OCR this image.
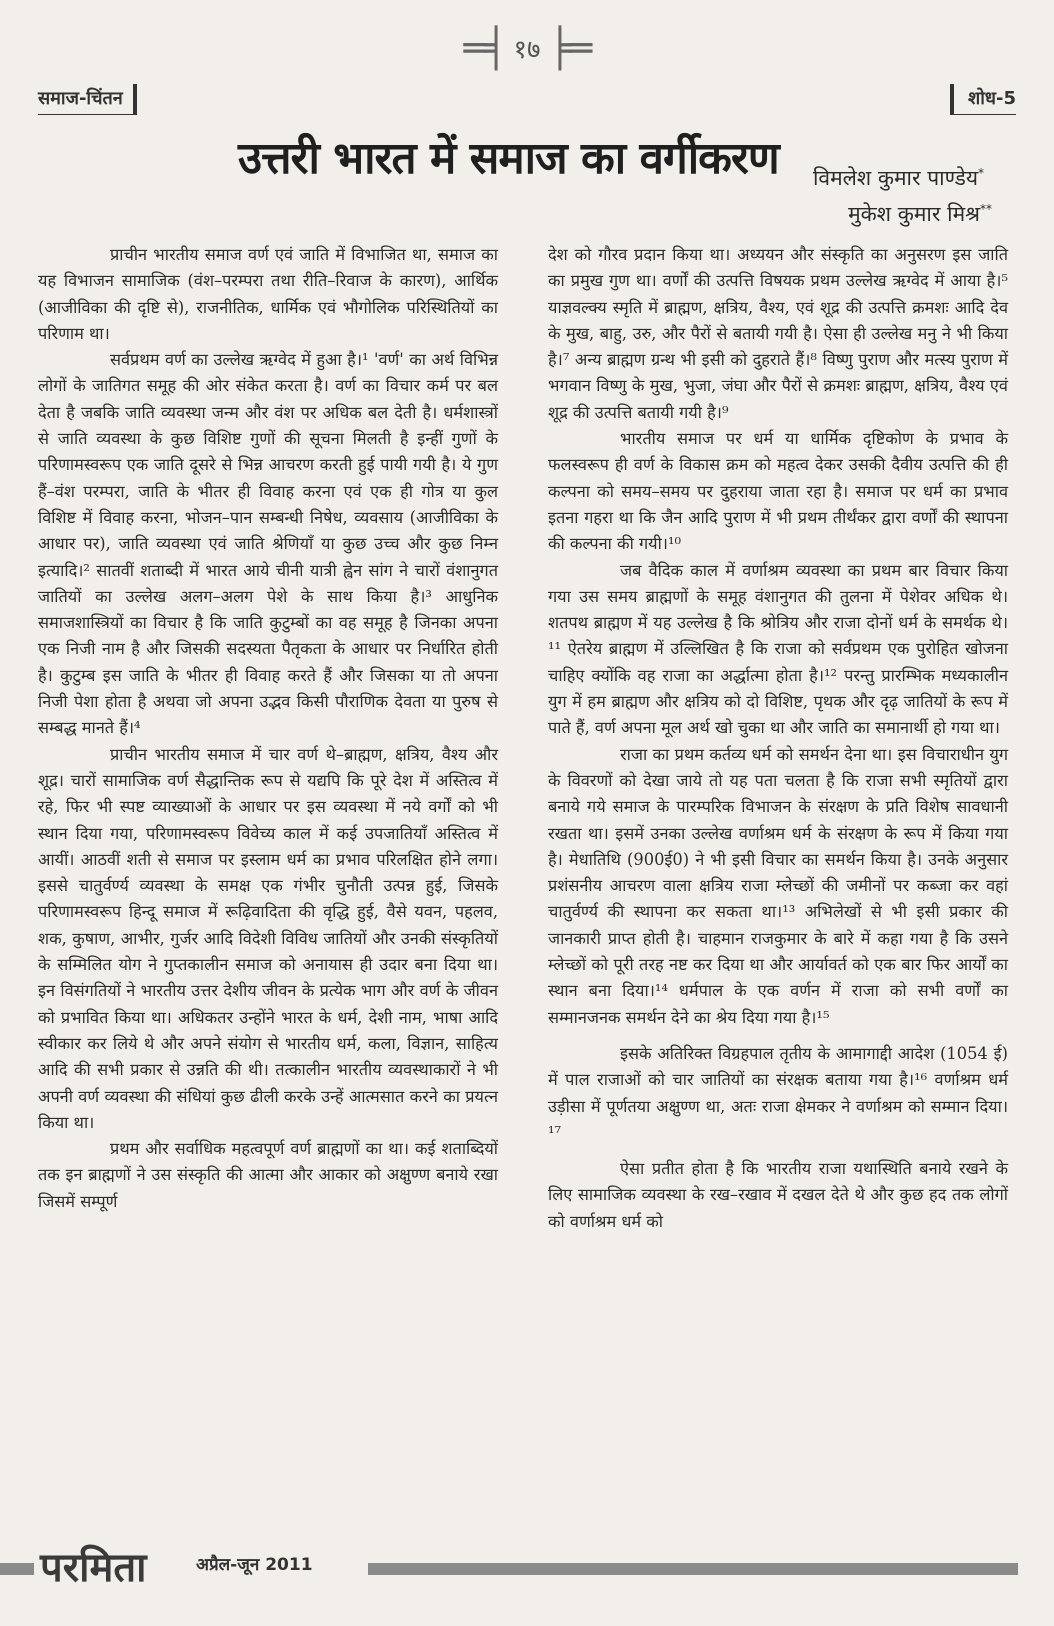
═╡ १७ ╞═
समाज-चिंतन	शोध-5
उत्तरी भारत में समाज का वर्गीकरण विमलेश कुमार पाण्डेय*
मुकेश कुमार मिश्र**

प्राचीन भारतीय समाज वर्ण एवं जाति में विभाजित था, समाज का यह विभाजन सामाजिक (वंश–परम्परा तथा रीति–रिवाज के कारण), आर्थिक (आजीविका की दृष्टि से), राजनीतिक, धार्मिक एवं भौगोलिक परिस्थितियों का परिणाम था।

सर्वप्रथम वर्ण का उल्लेख ऋग्वेद में हुआ है।¹ 'वर्ण' का अर्थ विभिन्न लोगों के जातिगत समूह की ओर संकेत करता है। वर्ण का विचार कर्म पर बल देता है जबकि जाति व्यवस्था जन्म और वंश पर अधिक बल देती है। धर्मशास्त्रों से जाति व्यवस्था के कुछ विशिष्ट गुणों की सूचना मिलती है इन्हीं गुणों के परिणामस्वरूप एक जाति दूसरे से भिन्न आचरण करती हुई पायी गयी है। ये गुण हैं–वंश परम्परा, जाति के भीतर ही विवाह करना एवं एक ही गोत्र या कुल विशिष्ट में विवाह करना, भोजन–पान सम्बन्धी निषेध, व्यवसाय (आजीविका के आधार पर), जाति व्यवस्था एवं जाति श्रेणियाँ या कुछ उच्च और कुछ निम्न इत्यादि।² सातवीं शताब्दी में भारत आये चीनी यात्री ह्वेन सांग ने चारों वंशानुगत जातियों का उल्लेख अलग–अलग पेशे के साथ किया है।³ आधुनिक समाजशास्त्रियों का विचार है कि जाति कुटुम्बों का वह समूह है जिनका अपना एक निजी नाम है और जिसकी सदस्यता पैतृकता के आधार पर निर्धारित होती है। कुटुम्ब इस जाति के भीतर ही विवाह करते हैं और जिसका या तो अपना निजी पेशा होता है अथवा जो अपना उद्भव किसी पौराणिक देवता या पुरुष से सम्बद्ध मानते हैं।⁴

प्राचीन भारतीय समाज में चार वर्ण थे–ब्राह्मण, क्षत्रिय, वैश्य और शूद्र। चारों सामाजिक वर्ण सैद्धान्तिक रूप से यद्यपि कि पूरे देश में अस्तित्व में रहे, फिर भी स्पष्ट व्याख्याओं के आधार पर इस व्यवस्था में नये वर्गों को भी स्थान दिया गया, परिणामस्वरूप विवेच्य काल में कई उपजातियाँ अस्तित्व में आयीं। आठवीं शती से समाज पर इस्लाम धर्म का प्रभाव परिलक्षित होने लगा। इससे चातुर्वर्ण्य व्यवस्था के समक्ष एक गंभीर चुनौती उत्पन्न हुई, जिसके परिणामस्वरूप हिन्दू समाज में रूढ़िवादिता की वृद्धि हुई, वैसे यवन, पहलव, शक, कुषाण, आभीर, गुर्जर आदि विदेशी विविध जातियों और उनकी संस्कृतियों के सम्मिलित योग ने गुप्तकालीन समाज को अनायास ही उदार बना दिया था। इन विसंगतियों ने भारतीय उत्तर देशीय जीवन के प्रत्येक भाग और वर्ण के जीवन को प्रभावित किया था। अधिकतर उन्होंने भारत के धर्म, देशी नाम, भाषा आदि स्वीकार कर लिये थे और अपने संयोग से भारतीय धर्म, कला, विज्ञान, साहित्य आदि की सभी प्रकार से उन्नति की थी। तत्कालीन भारतीय व्यवस्थाकारों ने भी अपनी वर्ण व्यवस्था की संधियां कुछ ढीली करके उन्हें आत्मसात करने का प्रयत्न किया था।

प्रथम और सर्वाधिक महत्वपूर्ण वर्ण ब्राह्मणों का था। कई शताब्दियों तक इन ब्राह्मणों ने उस संस्कृति की आत्मा और आकार को अक्षुण्ण बनाये रखा जिसमें सम्पूर्ण

देश को गौरव प्रदान किया था। अध्ययन और संस्कृति का अनुसरण इस जाति का प्रमुख गुण था। वर्णों की उत्पत्ति विषयक प्रथम उल्लेख ऋग्वेद में आया है।⁵ याज्ञवल्क्य स्मृति में ब्राह्मण, क्षत्रिय, वैश्य, एवं शूद्र की उत्पत्ति क्रमशः आदि देव के मुख, बाहु, उरु, और पैरों से बतायी गयी है। ऐसा ही उल्लेख मनु ने भी किया है।⁷ अन्य ब्राह्मण ग्रन्थ भी इसी को दुहराते हैं।⁸ विष्णु पुराण और मत्स्य पुराण में भगवान विष्णु के मुख, भुजा, जंघा और पैरों से क्रमशः ब्राह्मण, क्षत्रिय, वैश्य एवं शूद्र की उत्पत्ति बतायी गयी है।⁹

भारतीय समाज पर धर्म या धार्मिक दृष्टिकोण के प्रभाव के फलस्वरूप ही वर्ण के विकास क्रम को महत्व देकर उसकी दैवीय उत्पत्ति की ही कल्पना को समय–समय पर दुहराया जाता रहा है। समाज पर धर्म का प्रभाव इतना गहरा था कि जैन आदि पुराण में भी प्रथम तीर्थंकर द्वारा वर्णों की स्थापना की कल्पना की गयी।¹⁰

जब वैदिक काल में वर्णाश्रम व्यवस्था का प्रथम बार विचार किया गया उस समय ब्राह्मणों के समूह वंशानुगत की तुलना में पेशेवर अधिक थे। शतपथ ब्राह्मण में यह उल्लेख है कि श्रोत्रिय और राजा दोनों धर्म के समर्थक थे।¹¹ ऐतरेय ब्राह्मण में उल्लिखित है कि राजा को सर्वप्रथम एक पुरोहित खोजना चाहिए क्योंकि वह राजा का अर्द्धात्मा होता है।¹² परन्तु प्रारम्भिक मध्यकालीन युग में हम ब्राह्मण और क्षत्रिय को दो विशिष्ट, पृथक और दृढ़ जातियों के रूप में पाते हैं, वर्ण अपना मूल अर्थ खो चुका था और जाति का समानार्थी हो गया था।

राजा का प्रथम कर्तव्य धर्म को समर्थन देना था। इस विचाराधीन युग के विवरणों को देखा जाये तो यह पता चलता है कि राजा सभी स्मृतियों द्वारा बनाये गये समाज के पारम्परिक विभाजन के संरक्षण के प्रति विशेष सावधानी रखता था। इसमें उनका उल्लेख वर्णाश्रम धर्म के संरक्षण के रूप में किया गया है। मेधातिथि (900ई0) ने भी इसी विचार का समर्थन किया है। उनके अनुसार प्रशंसनीय आचरण वाला क्षत्रिय राजा म्लेच्छों की जमीनों पर कब्जा कर वहां चातुर्वर्ण्य की स्थापना कर सकता था।¹³ अभिलेखों से भी इसी प्रकार की जानकारी प्राप्त होती है। चाहमान राजकुमार के बारे में कहा गया है कि उसने म्लेच्छों को पूरी तरह नष्ट कर दिया था और आर्यावर्त को एक बार फिर आर्यों का स्थान बना दिया।¹⁴ धर्मपाल के एक वर्णन में राजा को सभी वर्णों का सम्मानजनक समर्थन देने का श्रेय दिया गया है।¹⁵

इसके अतिरिक्त विग्रहपाल तृतीय के आमागाद्दी आदेश (1054 ई) में पाल राजाओं को चार जातियों का संरक्षक बताया गया है।¹⁶ वर्णाश्रम धर्म उड़ीसा में पूर्णतया अक्षुण्ण था, अतः राजा क्षेमकर ने वर्णाश्रम को सम्मान दिया।¹⁷

ऐसा प्रतीत होता है कि भारतीय राजा यथास्थिति बनाये रखने के लिए सामाजिक व्यवस्था के रख–रखाव में दखल देते थे और कुछ हद तक लोगों को वर्णाश्रम धर्म को

परमिता	अप्रैल-जून 2011
